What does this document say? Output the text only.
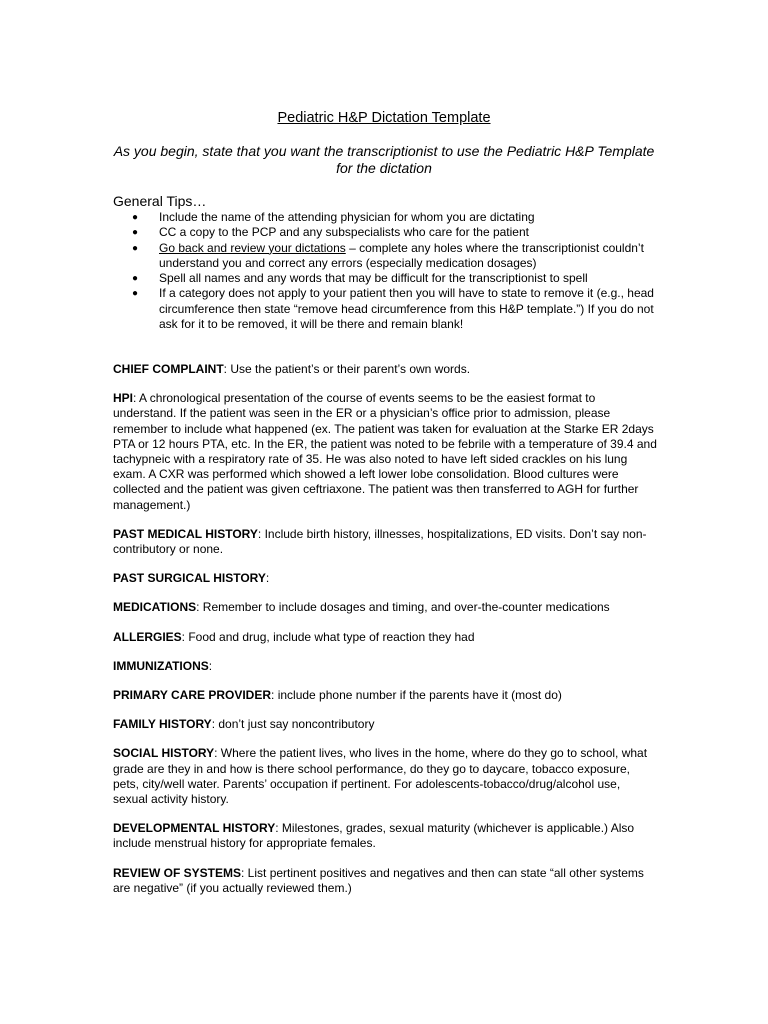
Pediatric H&P Dictation Template
As you begin, state that you want the transcriptionist to use the Pediatric H&P Template for the dictation
General Tips…
● Include the name of the attending physician for whom you are dictating
● CC a copy to the PCP and any subspecialists who care for the patient
● Go back and review your dictations – complete any holes where the transcriptionist couldn’t understand you and correct any errors (especially medication dosages)
● Spell all names and any words that may be difficult for the transcriptionist to spell
● If a category does not apply to your patient then you will have to state to remove it (e.g., head circumference then state “remove head circumference from this H&P template.”) If you do not ask for it to be removed, it will be there and remain blank!

CHIEF COMPLAINT: Use the patient’s or their parent’s own words.

HPI: A chronological presentation of the course of events seems to be the easiest format to understand. If the patient was seen in the ER or a physician’s office prior to admission, please remember to include what happened (ex. The patient was taken for evaluation at the Starke ER 2days PTA or 12 hours PTA, etc. In the ER, the patient was noted to be febrile with a temperature of 39.4 and tachypneic with a respiratory rate of 35. He was also noted to have left sided crackles on his lung exam. A CXR was performed which showed a left lower lobe consolidation. Blood cultures were collected and the patient was given ceftriaxone. The patient was then transferred to AGH for further management.)

PAST MEDICAL HISTORY: Include birth history, illnesses, hospitalizations, ED visits. Don’t say non-contributory or none.

PAST SURGICAL HISTORY:

MEDICATIONS: Remember to include dosages and timing, and over-the-counter medications

ALLERGIES: Food and drug, include what type of reaction they had

IMMUNIZATIONS:

PRIMARY CARE PROVIDER: include phone number if the parents have it (most do)

FAMILY HISTORY: don’t just say noncontributory

SOCIAL HISTORY: Where the patient lives, who lives in the home, where do they go to school, what grade are they in and how is there school performance, do they go to daycare, tobacco exposure, pets, city/well water. Parents’ occupation if pertinent. For adolescents-tobacco/drug/alcohol use, sexual activity history.

DEVELOPMENTAL HISTORY: Milestones, grades, sexual maturity (whichever is applicable.) Also include menstrual history for appropriate females.

REVIEW OF SYSTEMS: List pertinent positives and negatives and then can state “all other systems are negative” (if you actually reviewed them.)
